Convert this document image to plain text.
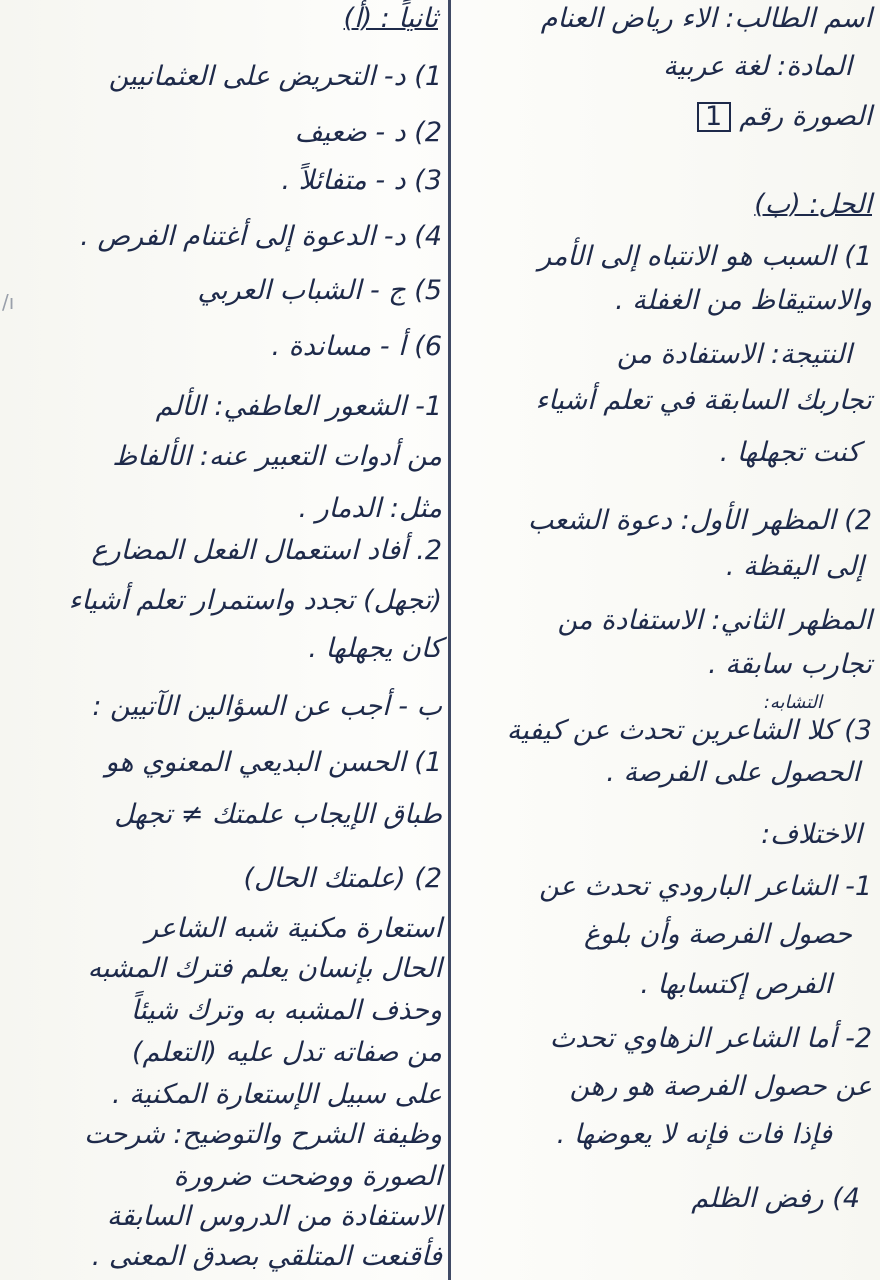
/ı
اسم الطالب: الاء رياض العنام
المادة: لغة عربية
الصورة رقم 1
الحل: (ب)
1) السبب هو الانتباه إلى الأمر
والاستيقاظ من الغفلة .
النتيجة: الاستفادة من
تجاربك السابقة في تعلم أشياء
كنت تجهلها .
2) المظهر الأول: دعوة الشعب
إلى اليقظة .
المظهر الثاني: الاستفادة من
تجارب سابقة .
التشابه:
3) كلا الشاعرين تحدث عن كيفية
الحصول على الفرصة .
الاختلاف:
1- الشاعر البارودي تحدث عن
حصول الفرصة وأن بلوغ
الفرص إكتسابها .
2- أما الشاعر الزهاوي تحدث
عن حصول الفرصة هو رهن
فإذا فات فإنه لا يعوضها .
4) رفض الظلم
ثانياً : (أ)
1) د- التحريض على العثمانيين
2) د - ضعيف
3) د - متفائلاً .
4) د- الدعوة إلى أغتنام الفرص .
5) ج - الشباب العربي
6) أ - مساندة .
1- الشعور العاطفي: الألم
من أدوات التعبير عنه: الألفاظ
مثل: الدمار .
2. أفاد استعمال الفعل المضارع
(تجهل) تجدد واستمرار تعلم أشياء
كان يجهلها .
ب - أجب عن السؤالين الآتيين :
1) الحسن البديعي المعنوي هو
طباق الإيجاب علمتك ≠ تجهل
2) (علمتك الحال)
استعارة مكنية شبه الشاعر
الحال بإنسان يعلم فترك المشبه
وحذف المشبه به وترك شيئاً
من صفاته تدل عليه (التعلم)
على سبيل الإستعارة المكنية .
وظيفة الشرح والتوضيح: شرحت
الصورة ووضحت ضرورة
الاستفادة من الدروس السابقة
فأقنعت المتلقي بصدق المعنى .
